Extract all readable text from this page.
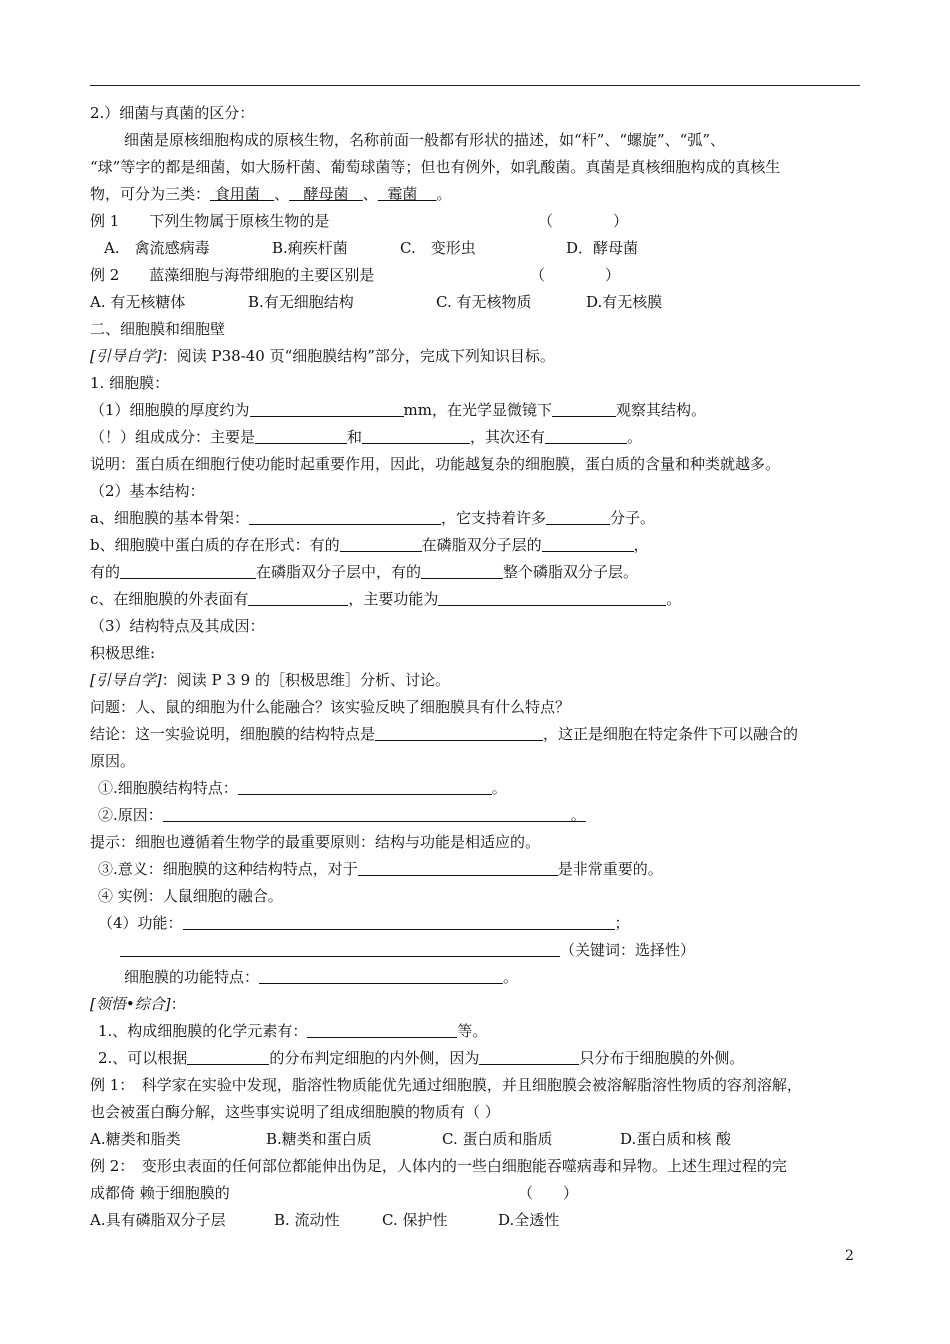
2.）细菌与真菌的区分：
细菌是原核细胞构成的原核生物，名称前面一般都有形状的描述，如“杆”、“螺旋”、“弧”、
“球”等字的都是细菌，如大肠杆菌、葡萄球菌等；但也有例外，如乳酸菌。真菌是真核细胞构成的真核生
物，可分为三类： 食用菌 、 酵母菌 、 霉菌 。
例 1　　下列生物属于原核生物的是	（　　　　）
A.　禽流感病毒	B.痢疾杆菌	C.　变形虫	D．酵母菌
例 2　　蓝藻细胞与海带细胞的主要区别是	（　　　　）
A. 有无核糖体	B.有无细胞结构	C. 有无核物质	D.有无核膜
二、细胞膜和细胞壁
[引导自学]：阅读 P38-40 页“细胞膜结构”部分，完成下列知识目标。
1. 细胞膜：
（1）细胞膜的厚度约为	mm，在光学显微镜下	观察其结构。
（！）组成成分：主要是	和	，其次还有	。
说明：蛋白质在细胞行使功能时起重要作用，因此，功能越复杂的细胞膜，蛋白质的含量和种类就越多。
（2）基本结构：
a、细胞膜的基本骨架：	，它支持着许多	分子。
b、细胞膜中蛋白质的存在形式：有的	在磷脂双分子层的	，
有的	在磷脂双分子层中，有的	整个磷脂双分子层。
c、在细胞膜的外表面有	，主要功能为	。
（3）结构特点及其成因：
积极思维:
[引导自学]：阅读 P 3 9 的［积极思维］分析、讨论。
问题：人、鼠的细胞为什么能融合？该实验反映了细胞膜具有什么特点？
结论：这一实验说明，细胞膜的结构特点是	，这正是细胞在特定条件下可以融合的
原因。
①.细胞膜结构特点：	。
②.原因：	。
提示：细胞也遵循着生物学的最重要原则：结构与功能是相适应的。
③.意义：细胞膜的这种结构特点，对于	是非常重要的。
④ 实例：人鼠细胞的融合。
（4）功能：	；
（关键词：选择性）
细胞膜的功能特点：	。
[领悟•综合]：
1.、构成细胞膜的化学元素有：	等。
2.、可以根据	的分布判定细胞的内外侧，因为	只分布于细胞膜的外侧。
例 1：　科学家在实验中发现，脂溶性物质能优先通过细胞膜，并且细胞膜会被溶解脂溶性物质的容剂溶解，
也会被蛋白酶分解，这些事实说明了组成细胞膜的物质有（ ）
A.糖类和脂类	B.糖类和蛋白质	C. 蛋白质和脂质	D.蛋白质和核 酸
例 2：　变形虫表面的任何部位都能伸出伪足，人体内的一些白细胞能吞噬病毒和异物。上述生理过程的完
成都倚 赖于细胞膜的	（　　）
A.具有磷脂双分子层	B. 流动性	C. 保护性	D.全透性
2
